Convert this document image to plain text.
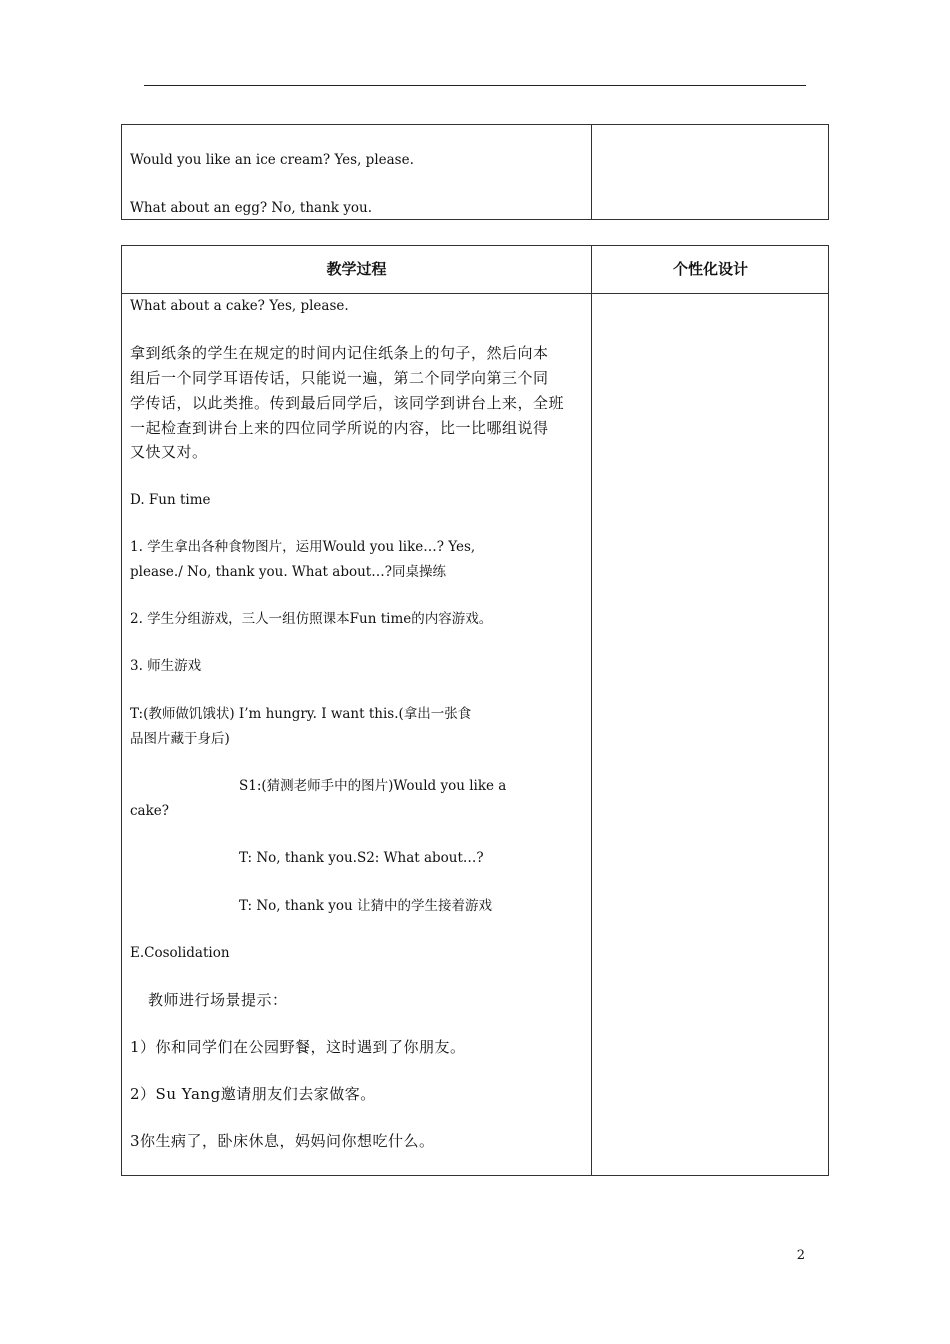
Would you like an ice cream? Yes, please.
What about an egg? No, thank you.
教学过程	个性化设计
What about a cake? Yes, please.
拿到纸条的学生在规定的时间内记住纸条上的句子，然后向本
组后一个同学耳语传话，只能说一遍，第二个同学向第三个同
学传话，以此类推。传到最后同学后，该同学到讲台上来，全班
一起检查到讲台上来的四位同学所说的内容，比一比哪组说得
又快又对。
D. Fun time
1. 学生拿出各种食物图片，运用Would you like…? Yes,
please./ No, thank you. What about…?同桌操练
2. 学生分组游戏，三人一组仿照课本Fun time的内容游戏。
3. 师生游戏
T:(教师做饥饿状) I’m hungry. I want this.(拿出一张食
品图片藏于身后)
S1:(猜测老师手中的图片)Would you like a
cake?
T: No, thank you.S2: What about…?
T: No, thank you 让猜中的学生接着游戏
E.Cosolidation
教师进行场景提示：
1）你和同学们在公园野餐，这时遇到了你朋友。
2）Su Yang邀请朋友们去家做客。
3你生病了，卧床休息，妈妈问你想吃什么。
2
